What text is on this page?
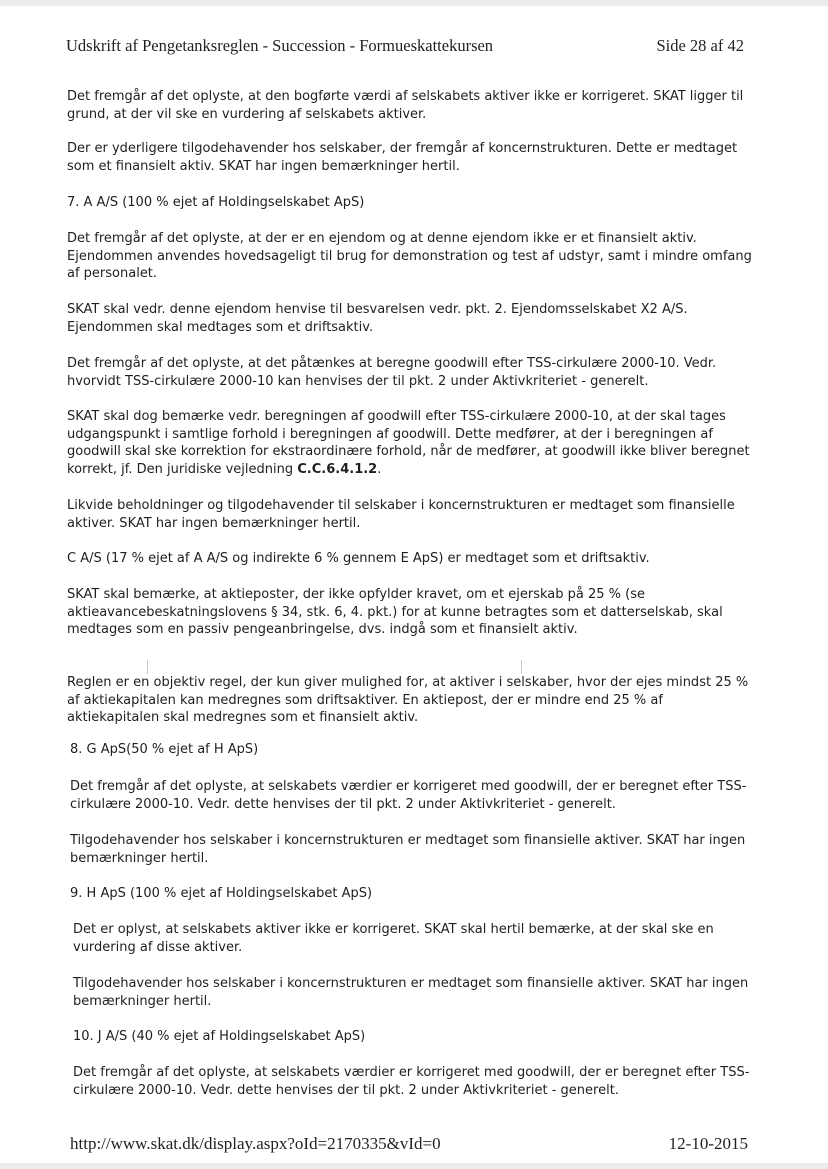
Udskrift af Pengetanksreglen - Succession - Formueskattekursen	Side 28 af 42

Det fremgår af det oplyste, at den bogførte værdi af selskabets aktiver ikke er korrigeret. SKAT ligger til grund, at der vil ske en vurdering af selskabets aktiver.

Der er yderligere tilgodehavender hos selskaber, der fremgår af koncernstrukturen. Dette er medtaget som et finansielt aktiv. SKAT har ingen bemærkninger hertil.

7. A A/S (100 % ejet af Holdingselskabet ApS)

Det fremgår af det oplyste, at der er en ejendom og at denne ejendom ikke er et finansielt aktiv. Ejendommen anvendes hovedsageligt til brug for demonstration og test af udstyr, samt i mindre omfang af personalet.

SKAT skal vedr. denne ejendom henvise til besvarelsen vedr. pkt. 2. Ejendomsselskabet X2 A/S. Ejendommen skal medtages som et driftsaktiv.

Det fremgår af det oplyste, at det påtænkes at beregne goodwill efter TSS-cirkulære 2000-10. Vedr. hvorvidt TSS-cirkulære 2000-10 kan henvises der til pkt. 2 under Aktivkriteriet - generelt.

SKAT skal dog bemærke vedr. beregningen af goodwill efter TSS-cirkulære 2000-10, at der skal tages udgangspunkt i samtlige forhold i beregningen af goodwill. Dette medfører, at der i beregningen af goodwill skal ske korrektion for ekstraordinære forhold, når de medfører, at goodwill ikke bliver beregnet korrekt, jf. Den juridiske vejledning C.C.6.4.1.2.

Likvide beholdninger og tilgodehavender til selskaber i koncernstrukturen er medtaget som finansielle aktiver. SKAT har ingen bemærkninger hertil.

C A/S (17 % ejet af A A/S og indirekte 6 % gennem E ApS) er medtaget som et driftsaktiv.

SKAT skal bemærke, at aktieposter, der ikke opfylder kravet, om et ejerskab på 25 % (se aktieavancebeskatningslovens § 34, stk. 6, 4. pkt.) for at kunne betragtes som et datterselskab, skal medtages som en passiv pengeanbringelse, dvs. indgå som et finansielt aktiv.

Reglen er en objektiv regel, der kun giver mulighed for, at aktiver i selskaber, hvor der ejes mindst 25 % af aktiekapitalen kan medregnes som driftsaktiver. En aktiepost, der er mindre end 25 % af aktiekapitalen skal medregnes som et finansielt aktiv.

8. G ApS(50 % ejet af H ApS)

Det fremgår af det oplyste, at selskabets værdier er korrigeret med goodwill, der er beregnet efter TSS-cirkulære 2000-10. Vedr. dette henvises der til pkt. 2 under Aktivkriteriet - generelt.

Tilgodehavender hos selskaber i koncernstrukturen er medtaget som finansielle aktiver. SKAT har ingen bemærkninger hertil.

9. H ApS (100 % ejet af Holdingselskabet ApS)

Det er oplyst, at selskabets aktiver ikke er korrigeret. SKAT skal hertil bemærke, at der skal ske en vurdering af disse aktiver.

Tilgodehavender hos selskaber i koncernstrukturen er medtaget som finansielle aktiver. SKAT har ingen bemærkninger hertil.

10. J A/S (40 % ejet af Holdingselskabet ApS)

Det fremgår af det oplyste, at selskabets værdier er korrigeret med goodwill, der er beregnet efter TSS-cirkulære 2000-10. Vedr. dette henvises der til pkt. 2 under Aktivkriteriet - generelt.

http://www.skat.dk/display.aspx?oId=2170335&vId=0	12-10-2015
